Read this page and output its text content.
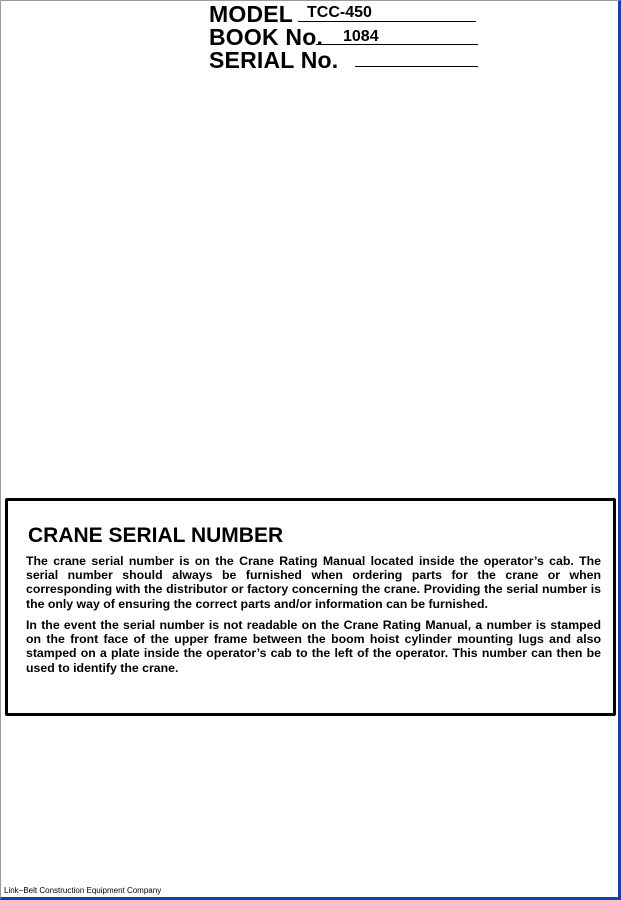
MODEL TCC-450
BOOK No. 1084
SERIAL No.
CRANE SERIAL NUMBER

The crane serial number is on the Crane Rating Manual located inside the operator’s cab. The serial number should always be furnished when ordering parts for the crane or when corresponding with the distributor or factory concerning the crane. Providing the serial number is the only way of ensuring the correct parts and/or information can be furnished.

In the event the serial number is not readable on the Crane Rating Manual, a number is stamped on the front face of the upper frame between the boom hoist cylinder mounting lugs and also stamped on a plate inside the operator’s cab to the left of the operator. This number can then be used to identify the crane.

Link−Belt Construction Equipment Company
